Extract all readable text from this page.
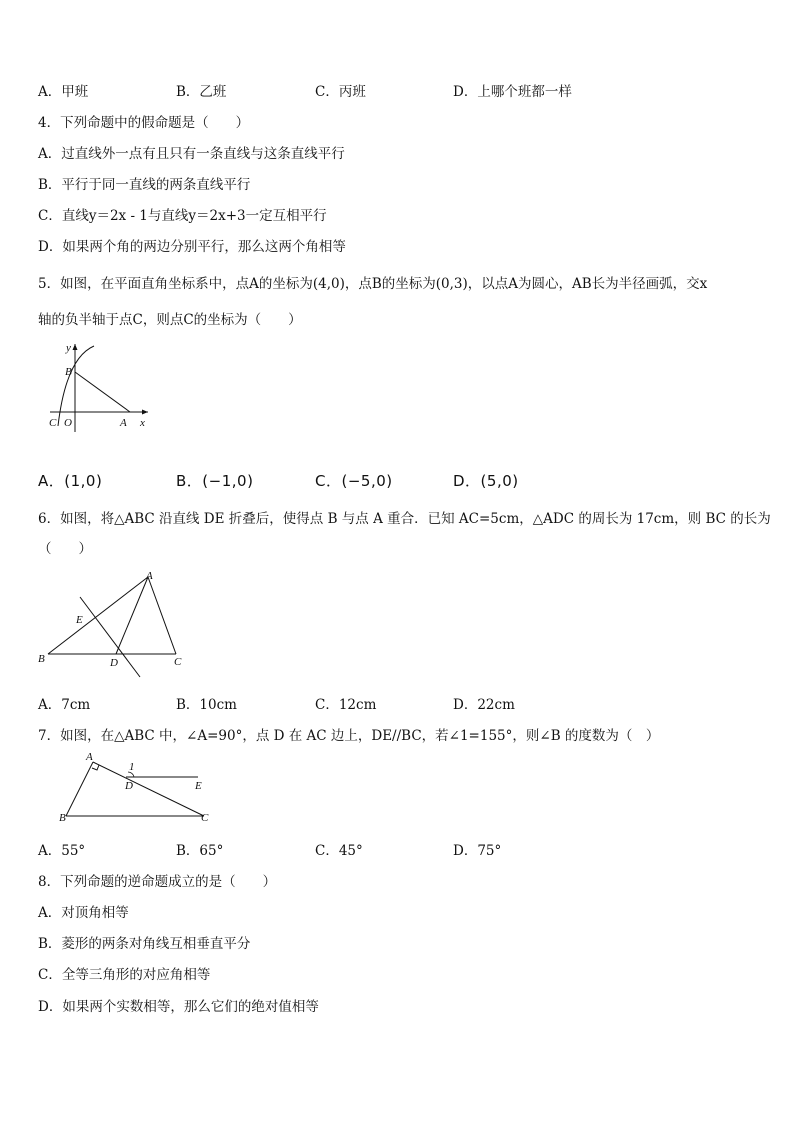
A．甲班	B．乙班	C．丙班	D．上哪个班都一样
4．下列命题中的假命题是（　　）
A．过直线外一点有且只有一条直线与这条直线平行
B．平行于同一直线的两条直线平行
C．直线y＝2x - 1与直线y＝2x+3一定互相平行
D．如果两个角的两边分别平行，那么这两个角相等
5．如图，在平面直角坐标系中，点A的坐标为(4,0)，点B的坐标为(0,3)，以点A为圆心，AB长为半径画弧，交x
轴的负半轴于点C，则点C的坐标为（　　）
y
B
C O	A x
A．(1,0)	B．(−1,0)	C．(−5,0)	D．(5,0)
6．如图，将△ABC 沿直线 DE 折叠后，使得点 B 与点 A 重合．已知 AC=5cm，△ADC 的周长为 17cm，则 BC 的长为
（　　）
A
E
B	D	C
A．7cm	B．10cm	C．12cm	D．22cm
7．如图，在△ABC 中，∠A=90°，点 D 在 AC 边上，DE//BC，若∠1=155°，则∠B 的度数为（　）
A
1
D	E
B	C
A．55°	B．65°	C．45°	D．75°
8．下列命题的逆命题成立的是（　　）
A．对顶角相等
B．菱形的两条对角线互相垂直平分
C．全等三角形的对应角相等
D．如果两个实数相等，那么它们的绝对值相等
